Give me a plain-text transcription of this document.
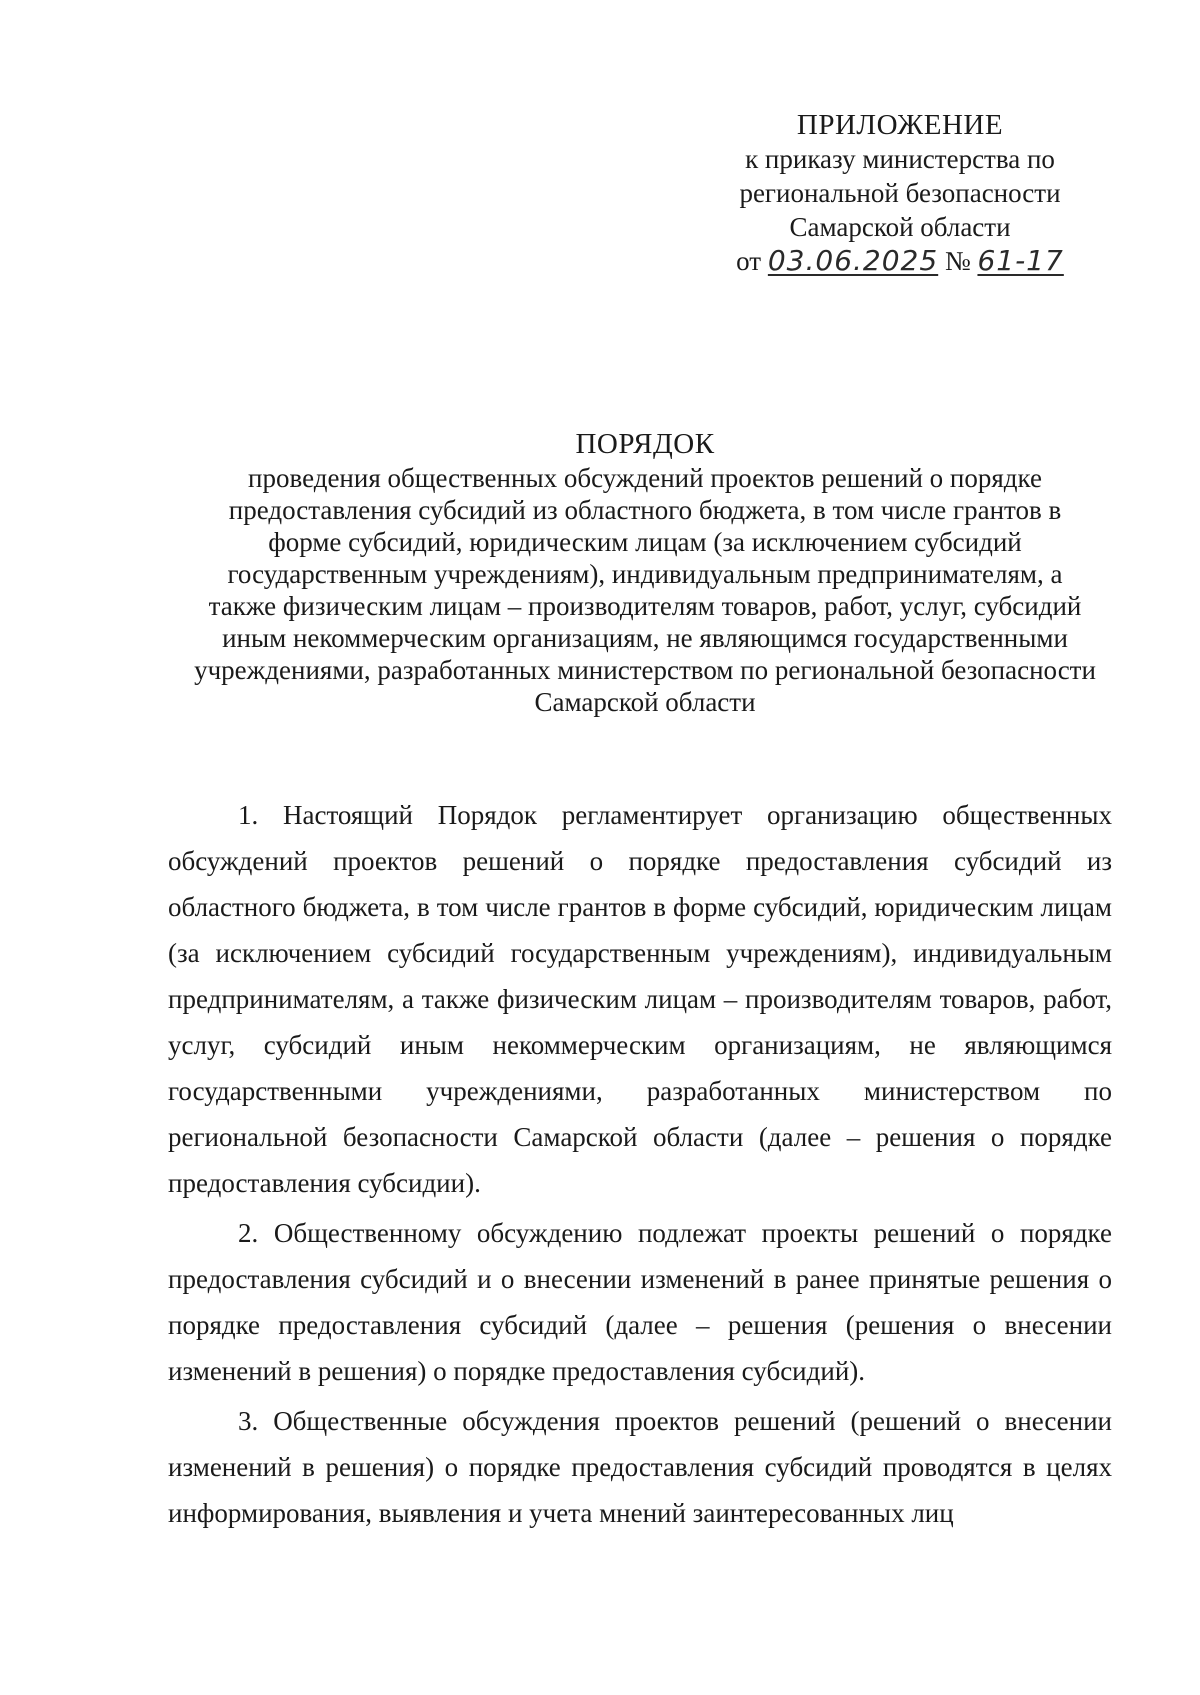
ПРИЛОЖЕНИЕ
к приказу министерства по
региональной безопасности
Самарской области
от 03.06.2025 № 61-17
ПОРЯДОК
проведения общественных обсуждений проектов решений о порядке
предоставления субсидий из областного бюджета, в том числе грантов в
форме субсидий, юридическим лицам (за исключением субсидий
государственным учреждениям), индивидуальным предпринимателям, а
также физическим лицам – производителям товаров, работ, услуг, субсидий
иным некоммерческим организациям, не являющимся государственными
учреждениями, разработанных министерством по региональной безопасности
Самарской области

1. Настоящий Порядок регламентирует организацию общественных обсуждений проектов решений о порядке предоставления субсидий из областного бюджета, в том числе грантов в форме субсидий, юридическим лицам (за исключением субсидий государственным учреждениям), индивидуальным предпринимателям, а также физическим лицам – производителям товаров, работ, услуг, субсидий иным некоммерческим организациям, не являющимся государственными учреждениями, разработанных министерством по региональной безопасности Самарской области (далее – решения о порядке предоставления субсидии).

2. Общественному обсуждению подлежат проекты решений о порядке предоставления субсидий и о внесении изменений в ранее принятые решения о порядке предоставления субсидий (далее – решения (решения о внесении изменений в решения) о порядке предоставления субсидий).

3. Общественные обсуждения проектов решений (решений о внесении изменений в решения) о порядке предоставления субсидий проводятся в целях информирования, выявления и учета мнений заинтересованных лиц
